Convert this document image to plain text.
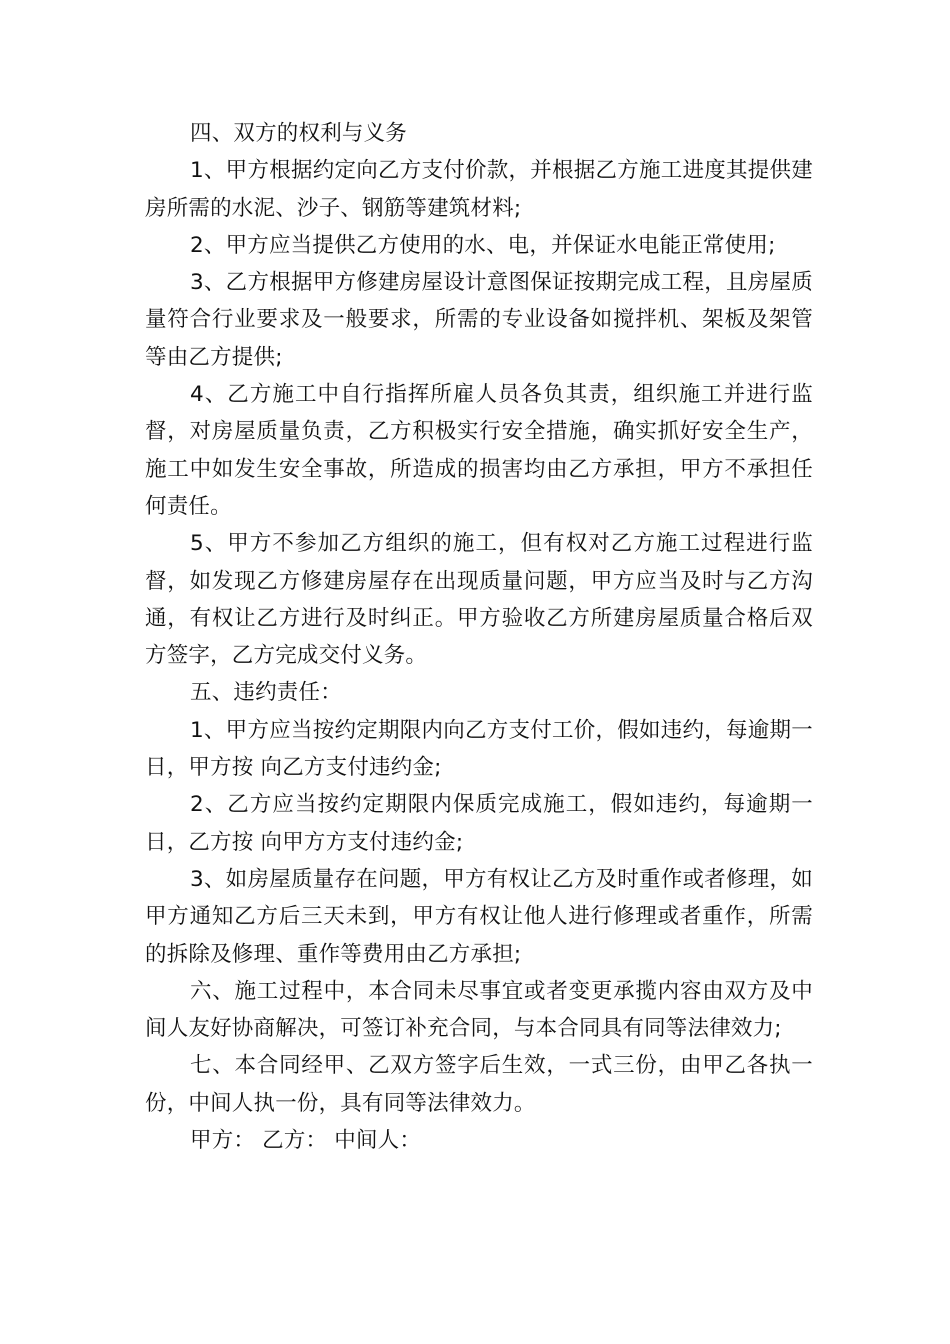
四、双方的权利与义务

1、甲方根据约定向乙方支付价款，并根据乙方施工进度其提供建房所需的水泥、沙子、钢筋等建筑材料;

2、甲方应当提供乙方使用的水、电，并保证水电能正常使用;

3、乙方根据甲方修建房屋设计意图保证按期完成工程，且房屋质量符合行业要求及一般要求，所需的专业设备如搅拌机、架板及架管等由乙方提供;

4、乙方施工中自行指挥所雇人员各负其责，组织施工并进行监督，对房屋质量负责，乙方积极实行安全措施，确实抓好安全生产，施工中如发生安全事故，所造成的损害均由乙方承担，甲方不承担任何责任。

5、甲方不参加乙方组织的施工，但有权对乙方施工过程进行监督，如发现乙方修建房屋存在出现质量问题，甲方应当及时与乙方沟通，有权让乙方进行及时纠正。甲方验收乙方所建房屋质量合格后双方签字，乙方完成交付义务。

五、违约责任：

1、甲方应当按约定期限内向乙方支付工价，假如违约，每逾期一日，甲方按 向乙方支付违约金;

2、乙方应当按约定期限内保质完成施工，假如违约，每逾期一日，乙方按 向甲方方支付违约金;

3、如房屋质量存在问题，甲方有权让乙方及时重作或者修理，如甲方通知乙方后三天未到，甲方有权让他人进行修理或者重作，所需的拆除及修理、重作等费用由乙方承担;

六、施工过程中，本合同未尽事宜或者变更承揽内容由双方及中间人友好协商解决，可签订补充合同，与本合同具有同等法律效力;

七、本合同经甲、乙双方签字后生效，一式三份，由甲乙各执一份，中间人执一份，具有同等法律效力。

甲方： 乙方： 中间人：
